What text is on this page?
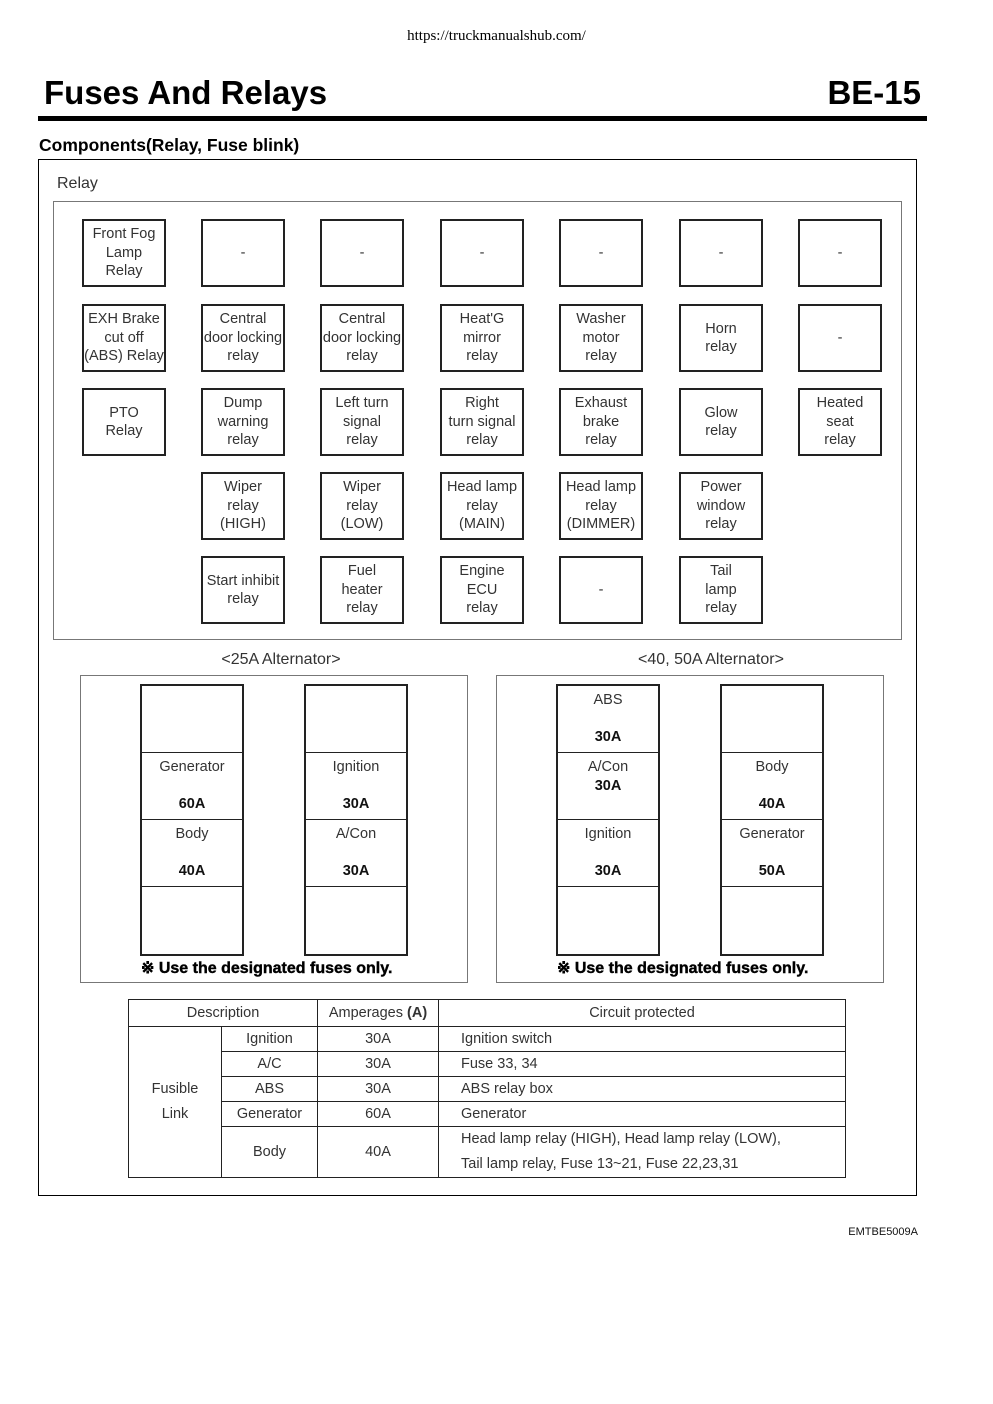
https://truckmanualshub.com/
Fuses And Relays	BE-15
Components(Relay, Fuse blink)
Relay
Front Fog
Lamp
Relay
-	-	-	-	-	-
EXH Brake
cut off
(ABS) Relay
Central
door locking
relay
Central
door locking
relay
Heat'G
mirror
relay
Washer
motor
relay
Horn
relay
-
PTO
Relay
Dump
warning
relay
Left turn
signal
relay
Right
turn signal
relay
Exhaust
brake
relay
Glow
relay
Heated
seat
relay
Wiper
relay
(HIGH)
Wiper
relay
(LOW)
Head lamp
relay
(MAIN)
Head lamp
relay
(DIMMER)
Power
window
relay
Start inhibit
relay
Fuel
heater
relay
Engine
ECU
relay
-
Tail
lamp
relay
<25A Alternator>
Generator
60A
Body
40A
Ignition
30A
A/Con
30A
※ Use the designated fuses only.
<40, 50A Alternator>
ABS
30A
A/Con
30A
Ignition
30A
Body
40A
Generator
50A
※ Use the designated fuses only.
Description		Amperages (A)	Circuit protected

Fusible
Link	Ignition	30A	Ignition switch
	A/C	30A	Fuse 33, 34
	ABS	30A	ABS relay box
	Generator	60A	Generator
	Body	40A	Head lamp relay (HIGH), Head lamp relay (LOW),
Tail lamp relay, Fuse 13~21, Fuse 22,23,31
EMTBE5009A
